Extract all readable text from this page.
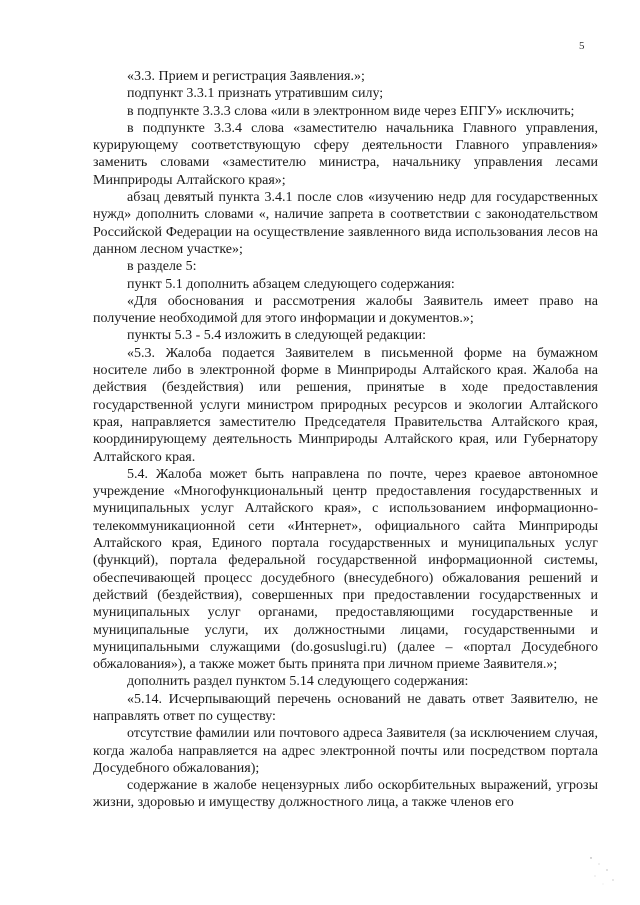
5

«3.3. Прием и регистрация Заявления.»;

подпункт 3.3.1 признать утратившим силу;

в подпункте 3.3.3 слова «или в электронном виде через ЕПГУ» исключить;

в подпункте 3.3.4 слова «заместителю начальника Главного управления, курирующему соответствующую сферу деятельности Главного управления» заменить словами «заместителю министра, начальнику управления лесами Минприроды Алтайского края»;

абзац девятый пункта 3.4.1 после слов «изучению недр для государственных нужд» дополнить словами «, наличие запрета в соответствии с законодательством Российской Федерации на осуществление заявленного вида использования лесов на данном лесном участке»;

в разделе 5:

пункт 5.1 дополнить абзацем следующего содержания:

«Для обоснования и рассмотрения жалобы Заявитель имеет право на получение необходимой для этого информации и документов.»;

пункты 5.3 - 5.4 изложить в следующей редакции:

«5.3. Жалоба подается Заявителем в письменной форме на бумажном носителе либо в электронной форме в Минприроды Алтайского края. Жалоба на действия (бездействия) или решения, принятые в ходе предоставления государственной услуги министром природных ресурсов и экологии Алтайского края, направляется заместителю Председателя Правительства Алтайского края, координирующему деятельность Минприроды Алтайского края, или Губернатору Алтайского края.

5.4. Жалоба может быть направлена по почте, через краевое автономное учреждение «Многофункциональный центр предоставления государственных и муниципальных услуг Алтайского края», с использованием информационно-телекоммуникационной сети «Интернет», официального сайта Минприроды Алтайского края, Единого портала государственных и муниципальных услуг (функций), портала федеральной государственной информационной системы, обеспечивающей процесс досудебного (внесудебного) обжалования решений и действий (бездействия), совершенных при предоставлении государственных и муниципальных услуг органами, предоставляющими государственные и муниципальные услуги, их должностными лицами, государственными и муниципальными служащими (do.gosuslugi.ru) (далее – «портал Досудебного обжалования»), а также может быть принята при личном приеме Заявителя.»;

дополнить раздел пунктом 5.14 следующего содержания:

«5.14. Исчерпывающий перечень оснований не давать ответ Заявителю, не направлять ответ по существу:

отсутствие фамилии или почтового адреса Заявителя (за исключением случая, когда жалоба направляется на адрес электронной почты или посредством портала Досудебного обжалования);

содержание в жалобе нецензурных либо оскорбительных выражений, угрозы жизни, здоровью и имуществу должностного лица, а также членов его
